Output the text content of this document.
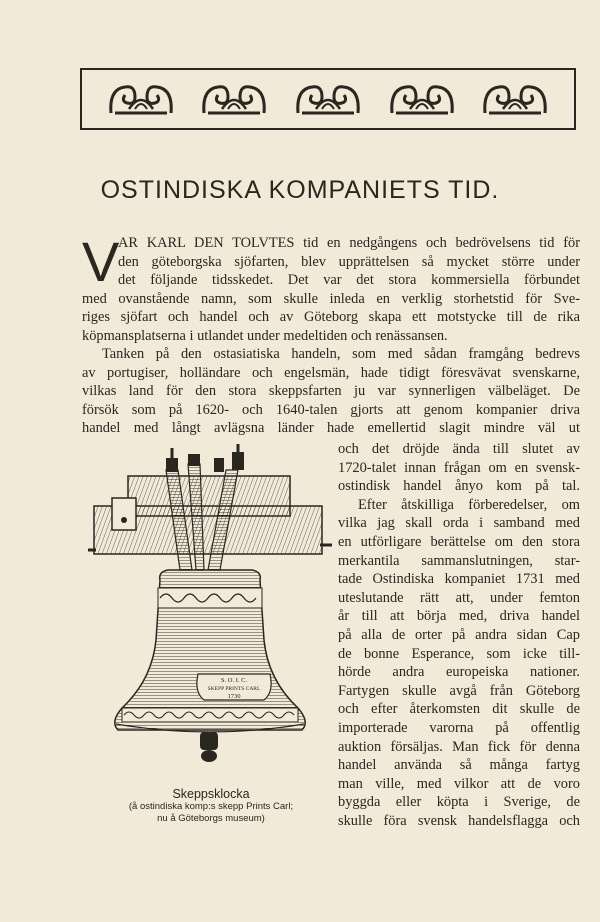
OSTINDISKA KOMPANIETS TID.
V
AR KARL DEN TOLVTES tid en nedgångens och bedrövelsens tid för
den göteborgska sjöfarten, blev upprättelsen så mycket större under
det följande tidsskedet. Det var det stora kommersiella förbundet
med ovanstående namn, som skulle inleda en verklig storhetstid för Sve-
riges sjöfart och handel och av Göteborg skapa ett motstycke till de rika
köpmansplatserna i utlandet under medeltiden och renässansen.
Tanken på den ostasiatiska handeln, som med sådan framgång bedrevs
av portugiser, holländare och engelsmän, hade tidigt föresvävat svenskarne,
vilkas land för den stora skeppsfarten ju var synnerligen välbeläget. De
försök som på 1620- och 1640-talen gjorts att genom kompanier driva
handel med långt avlägsna länder hade emellertid slagit mindre väl ut
och det dröjde ända till slutet av
1720-talet innan frågan om en svensk-
ostindisk handel ånyo kom på tal.
Efter åtskilliga förberedelser, om
vilka jag skall orda i samband med
en utförligare berättelse om den stora
merkantila sammanslutningen, star-
tade Ostindiska kompaniet 1731 med
uteslutande rätt att, under femton
år till att börja med, driva handel
på alla de orter på andra sidan Cap
de bonne Esperance, som icke till-
hörde andra europeiska nationer.
Fartygen skulle avgå från Göteborg
och efter återkomsten dit skulle de
importerade varorna på offentlig
auktion försäljas. Man fick för denna
handel använda så många fartyg
man ville, med vilkor att de voro
byggda eller köpta i Sverige, de
skulle föra svensk handelsflagga och
S. O. I. C.
SKEPP PRINTS CARL
1730
Skeppsklocka
(å ostindiska komp:s skepp Prints Carl;
nu å Göteborgs museum)
